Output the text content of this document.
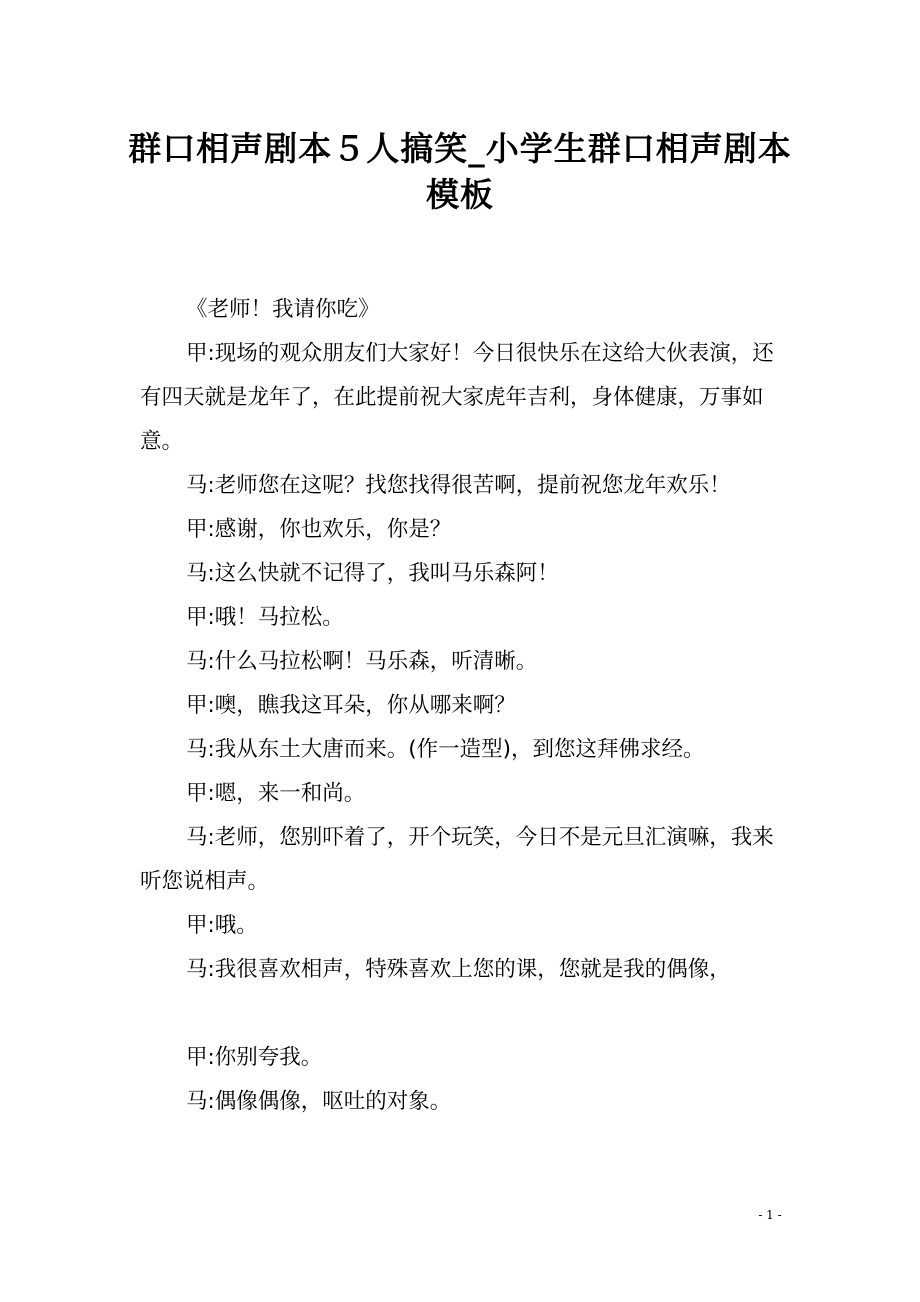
群口相声剧本５人搞笑_小学生群口相声剧本模板

《老师！我请你吃》

甲:现场的观众朋友们大家好！今日很快乐在这给大伙表演，还有四天就是龙年了，在此提前祝大家虎年吉利，身体健康，万事如意。

马:老师您在这呢？找您找得很苦啊，提前祝您龙年欢乐！

甲:感谢，你也欢乐，你是？

马:这么快就不记得了，我叫马乐森阿！

甲:哦！马拉松。

马:什么马拉松啊！马乐森，听清晰。

甲:噢，瞧我这耳朵，你从哪来啊？

马:我从东土大唐而来。(作一造型)，到您这拜佛求经。

甲:嗯，来一和尚。

马:老师，您别吓着了，开个玩笑，今日不是元旦汇演嘛，我来听您说相声。

甲:哦。

马:我很喜欢相声，特殊喜欢上您的课，您就是我的偶像，

甲:你别夸我。

马:偶像偶像，呕吐的对象。

- 1 -
